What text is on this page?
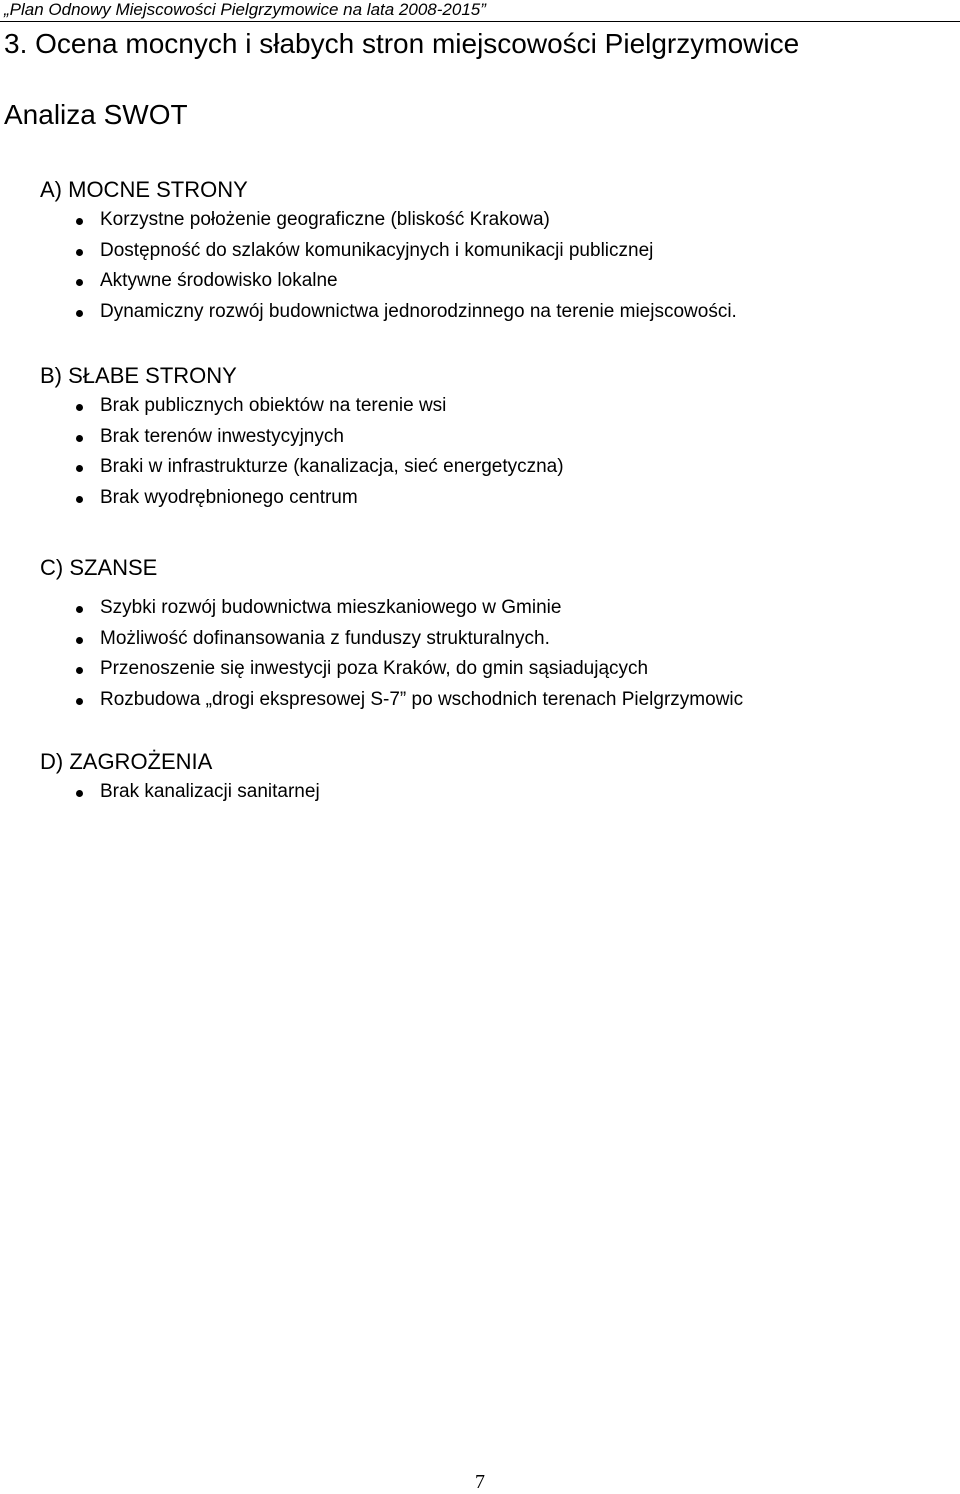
„Plan Odnowy Miejscowości Pielgrzymowice na lata 2008-2015”
3. Ocena mocnych i słabych stron miejscowości Pielgrzymowice
Analiza SWOT
A) MOCNE STRONY
Korzystne położenie geograficzne (bliskość Krakowa)
Dostępność do szlaków komunikacyjnych i komunikacji publicznej
Aktywne środowisko lokalne
Dynamiczny rozwój budownictwa jednorodzinnego na terenie miejscowości.
B) SŁABE STRONY
Brak publicznych obiektów na terenie wsi
Brak terenów inwestycyjnych
Braki w infrastrukturze (kanalizacja, sieć energetyczna)
Brak wyodrębnionego centrum
C) SZANSE
Szybki rozwój budownictwa mieszkaniowego w Gminie
Możliwość dofinansowania z funduszy strukturalnych.
Przenoszenie się inwestycji poza Kraków, do gmin sąsiadujących
Rozbudowa „drogi ekspresowej S-7” po wschodnich terenach Pielgrzymowic
D) ZAGROŻENIA
Brak kanalizacji sanitarnej
7
